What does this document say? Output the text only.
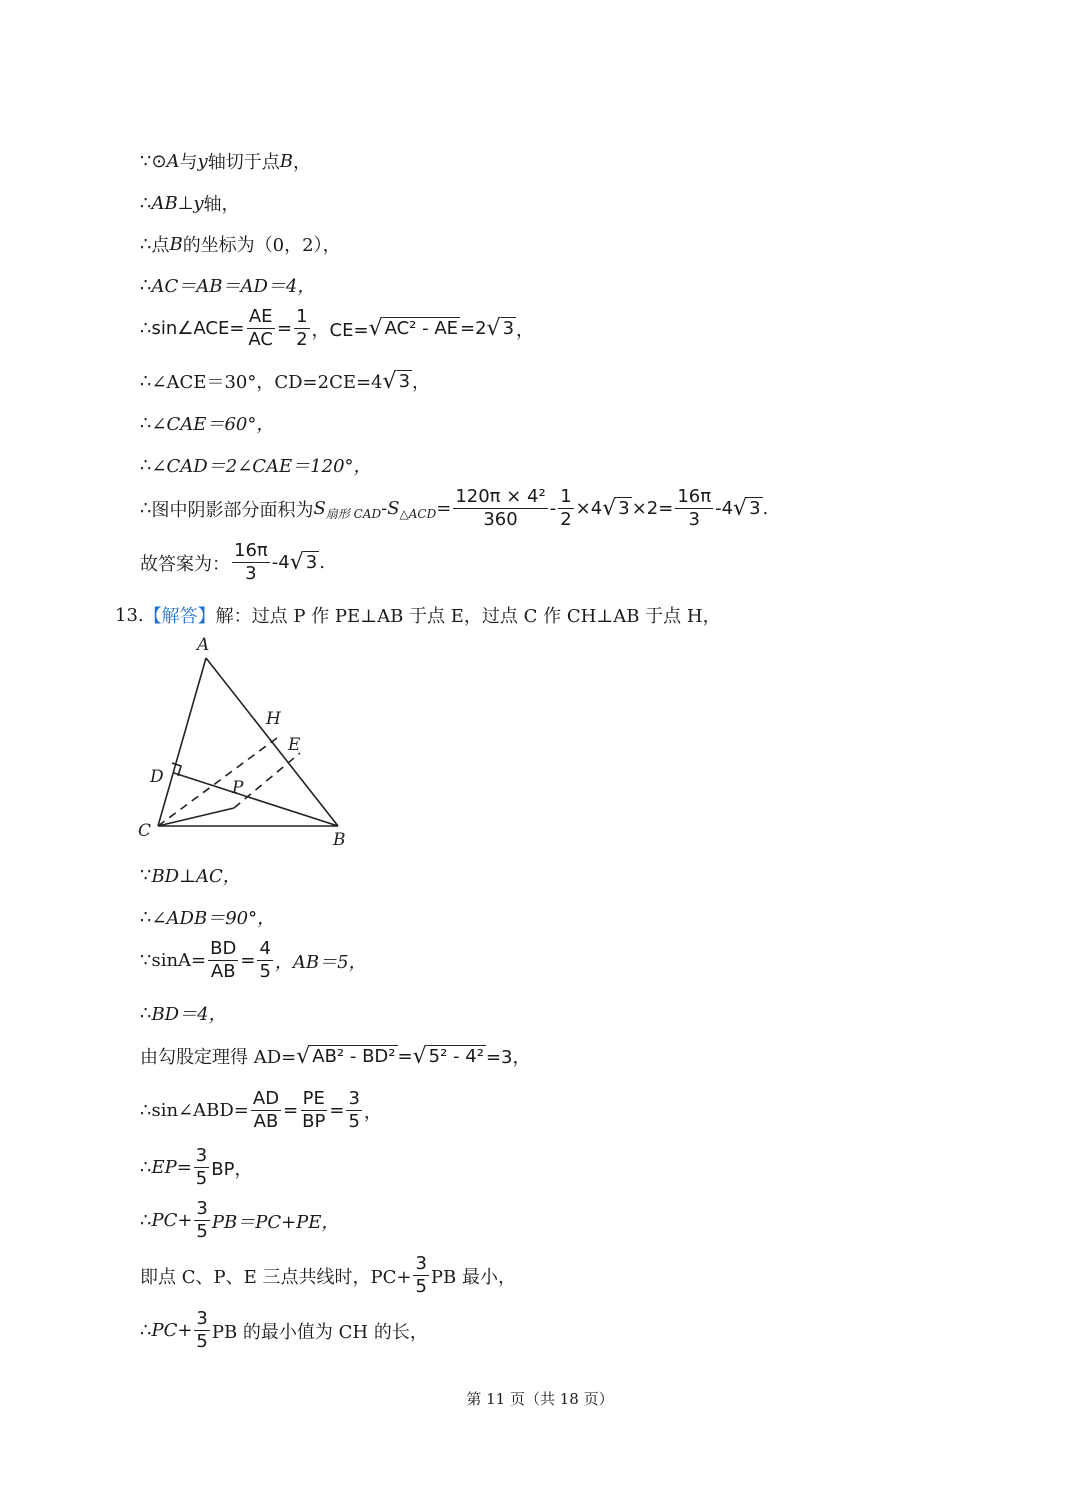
∵ ⊙ A 与 y 轴切于点 B ，
∴ AB ⊥ y 轴，
∴ 点 B 的坐标为（0，2），
∴ AC＝AB＝AD＝4，
∴ sin∠ACE= $\frac{AE}{AC} = \frac{1}{2}$ ，CE= √ AC² - AE =2 √ 3 ，
∴ ∠ACE＝30°，CD=2CE=4 √ 3 ，
∴ ∠CAE＝60°，
∴ ∠CAD＝2∠CAE＝120°，
∴ 图中阴影部分面积为 S 扇形 CAD - S △ACD = $\frac{\text{120π × 4²}}{360} - \frac{1}{2} \times 4$ √ $3 \times 2= \frac{16\pi}{3} -4$ √ 3 .
故答案为： $\frac{16\pi}{3} -4$ √ 3 .
13. 【解答】 解：过点 P 作 PE⊥AB 于点 E，过点 C 作 CH⊥AB 于点 H，
A
H
E
D
P
C	B
∵ BD⊥AC，
∴ ∠ADB＝90°，
∵ $\sin A= \frac{BD}{AB} = \frac{4}{5}$ ，AB＝5，
∴ BD＝4，
由勾股定理得 AD= √ AB² - BD² = √ 5² - 4² =3，
∴ sin∠ABD= $\frac{AD}{AB} = \frac{PE}{BP} = \frac{3}{5}$ ，
∴ $EP= \frac{3}{5}$ BP，
∴ $PC+ \frac{3}{5} PB=PC+PE$，
即点 C、P、E 三点共线时，$PC+ \frac{3}{5}$ PB 最小，
∴ $PC+ \frac{3}{5}$ PB 的最小值为 CH 的长，
第 11 页（共 18 页）
